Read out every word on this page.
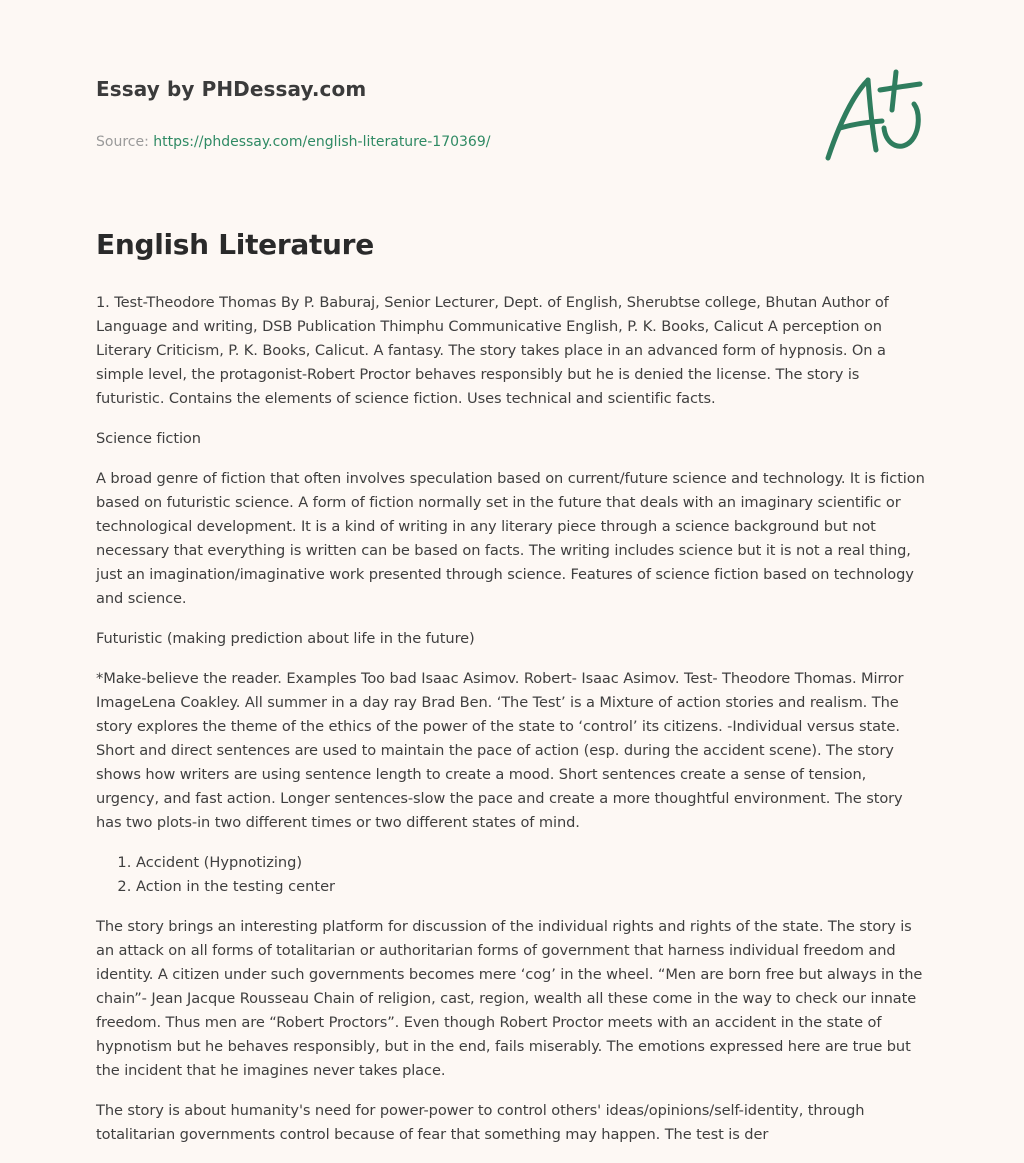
Essay by PHDessay.com
Source: https://phdessay.com/english-literature-170369/
English Literature

1. Test-Theodore Thomas By P. Baburaj, Senior Lecturer, Dept. of English, Sherubtse college, Bhutan Author of Language and writing, DSB Publication Thimphu Communicative English, P. K. Books, Calicut A perception on Literary Criticism, P. K. Books, Calicut. A fantasy. The story takes place in an advanced form of hypnosis. On a simple level, the protagonist-Robert Proctor behaves responsibly but he is denied the license. The story is futuristic. Contains the elements of science fiction. Uses technical and scientific facts.

Science fiction

A broad genre of fiction that often involves speculation based on current/future science and technology. It is fiction based on futuristic science. A form of fiction normally set in the future that deals with an imaginary scientific or technological development. It is a kind of writing in any literary piece through a science background but not necessary that everything is written can be based on facts. The writing includes science but it is not a real thing, just an imagination/imaginative work presented through science. Features of science fiction based on technology and science.

Futuristic (making prediction about life in the future)

*Make-believe the reader. Examples Too bad Isaac Asimov. Robert- Isaac Asimov. Test- Theodore Thomas. Mirror ImageLena Coakley. All summer in a day ray Brad Ben. ‘The Test’ is a Mixture of action stories and realism. The story explores the theme of the ethics of the power of the state to ‘control’ its citizens. -Individual versus state. Short and direct sentences are used to maintain the pace of action (esp. during the accident scene). The story shows how writers are using sentence length to create a mood. Short sentences create a sense of tension, urgency, and fast action. Longer sentences-slow the pace and create a more thoughtful environment. The story has two plots-in two different times or two different states of mind.

1. Accident (Hypnotizing)
2. Action in the testing center

The story brings an interesting platform for discussion of the individual rights and rights of the state. The story is an attack on all forms of totalitarian or authoritarian forms of government that harness individual freedom and identity. A citizen under such governments becomes mere ‘cog’ in the wheel. “Men are born free but always in the chain”- Jean Jacque Rousseau Chain of religion, cast, region, wealth all these come in the way to check our innate freedom. Thus men are “Robert Proctors”. Even though Robert Proctor meets with an accident in the state of hypnotism but he behaves responsibly, but in the end, fails miserably. The emotions expressed here are true but the incident that he imagines never takes place.

The story is about humanity's need for power-power to control others' ideas/opinions/self-identity, through totalitarian governments control because of fear that something may happen. The test is der
